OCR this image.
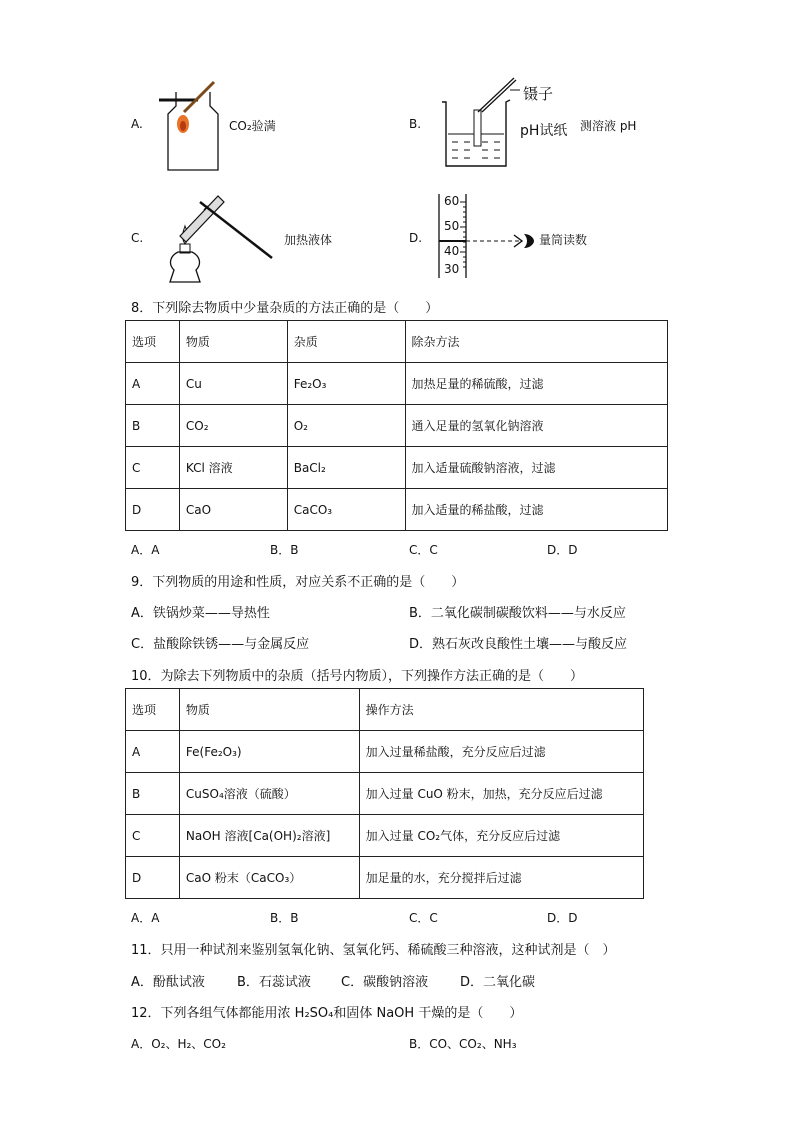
A.	CO₂验满	B.
镊子
pH试纸 测溶液 pH
C.	加热液体	D.
60
50
40
30
量筒读数
8．下列除去物质中少量杂质的方法正确的是（　　）
选项	物质	杂质	除杂方法
A	Cu	Fe₂O₃	加热足量的稀硫酸，过滤
B	CO₂	O₂	通入足量的氢氧化钠溶液
C	KCl 溶液	BaCl₂	加入适量硫酸钠溶液，过滤
D	CaO	CaCO₃	加入适量的稀盐酸，过滤
A．A	B．B	C．C	D．D
9．下列物质的用途和性质，对应关系不正确的是（　　）
A．铁锅炒菜——导热性	B．二氧化碳制碳酸饮料——与水反应
C．盐酸除铁锈——与金属反应	D．熟石灰改良酸性土壤——与酸反应
10．为除去下列物质中的杂质（括号内物质），下列操作方法正确的是（　　）
选项	物质	操作方法
A	Fe(Fe₂O₃)	加入过量稀盐酸，充分反应后过滤
B	CuSO₄溶液（硫酸）	加入过量 CuO 粉末，加热，充分反应后过滤
C	NaOH 溶液[Ca(OH)₂溶液]	加入过量 CO₂气体，充分反应后过滤
D	CaO 粉末（CaCO₃）	加足量的水，充分搅拌后过滤
A．A	B．B	C．C	D．D
11．只用一种试剂来鉴别氢氧化钠、氢氧化钙、稀硫酸三种溶液，这种试剂是（　）
A．酚酞试液 B．石蕊试液 C．碳酸钠溶液 D．二氧化碳
12．下列各组气体都能用浓 H₂SO₄和固体 NaOH 干燥的是（　　）
A．O₂、H₂、CO₂	B．CO、CO₂、NH₃
